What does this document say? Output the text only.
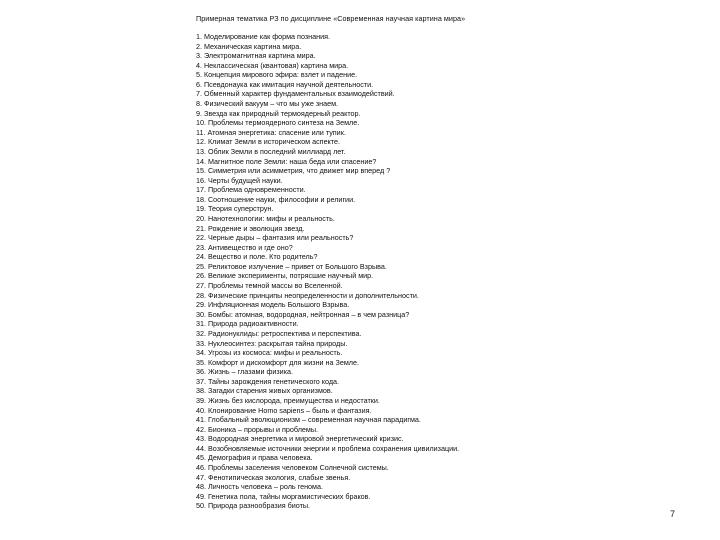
Примерная тематика РЗ по дисциплине «Современная научная картина мира»
1. Моделирование как форма познания.
2. Механическая картина мира.
3. Электромагнитная картина мира.
4. Неклассическая (квантовая) картина мира.
5. Концепция мирового эфира: взлет и падение.
6. Псевдонаука как имитация научной деятельности.
7. Обменный характер фундаментальных взаимодействий.
8. Физический вакуум – что мы уже знаем.
9. Звезда как природный термоядерный реактор.
10. Проблемы термоядерного синтеза на Земле.
11. Атомная энергетика: спасение или тупик.
12. Климат Земли в историческом аспекте.
13. Облик Земли в последний миллиард лет.
14. Магнитное поле Земли: наша беда или спасение?
15. Симметрия или асимметрия, что движет мир вперед ?
16. Черты будущей науки.
17. Проблема одновременности.
18. Соотношение науки, философии и религии.
19. Теория суперструн.
20. Нанотехнологии: мифы и реальность.
21. Рождение и эволюция звезд.
22. Черные дыры – фантазия или реальность?
23. Антивещество и где оно?
24. Вещество и поле. Кто родитель?
25. Реликтовое излучение – привет от Большого Взрыва.
26. Великие эксперименты, потрясшие научный мир.
27. Проблемы темной массы во Вселенной.
28. Физические принципы неопределенности и дополнительности.
29. Инфляционная модель Большого Взрыва.
30. Бомбы: атомная, водородная, нейтронная – в чем разница?
31. Природа радиоактивности.
32. Радионуклиды: ретроспектива и перспектива.
33. Нуклеосинтез: раскрытая тайна природы.
34. Угрозы из космоса: мифы и реальность.
35. Комфорт и дискомфорт для жизни на Земле.
36. Жизнь – глазами физика.
37. Тайны зарождения генетического кода.
38. Загадки старения живых организмов.
39. Жизнь без кислорода, преимущества и недостатки.
40. Клонирование Homo sapiens – быль и фантазия.
41. Глобальный эволюционизм – современная научная парадигма.
42. Бионика – прорывы и проблемы.
43. Водородная энергетика и мировой энергетический кризис.
44. Возобновляемые источники энергии и проблема сохранения цивилизации.
45. Демография и права человека.
46. Проблемы заселения человеком Солнечной системы.
47. Фенотипическая экология, слабые звенья.
48. Личность человека – роль генома.
49. Генетика пола, тайны моргамистических браков.
50. Природа разнообразия биоты.
7
